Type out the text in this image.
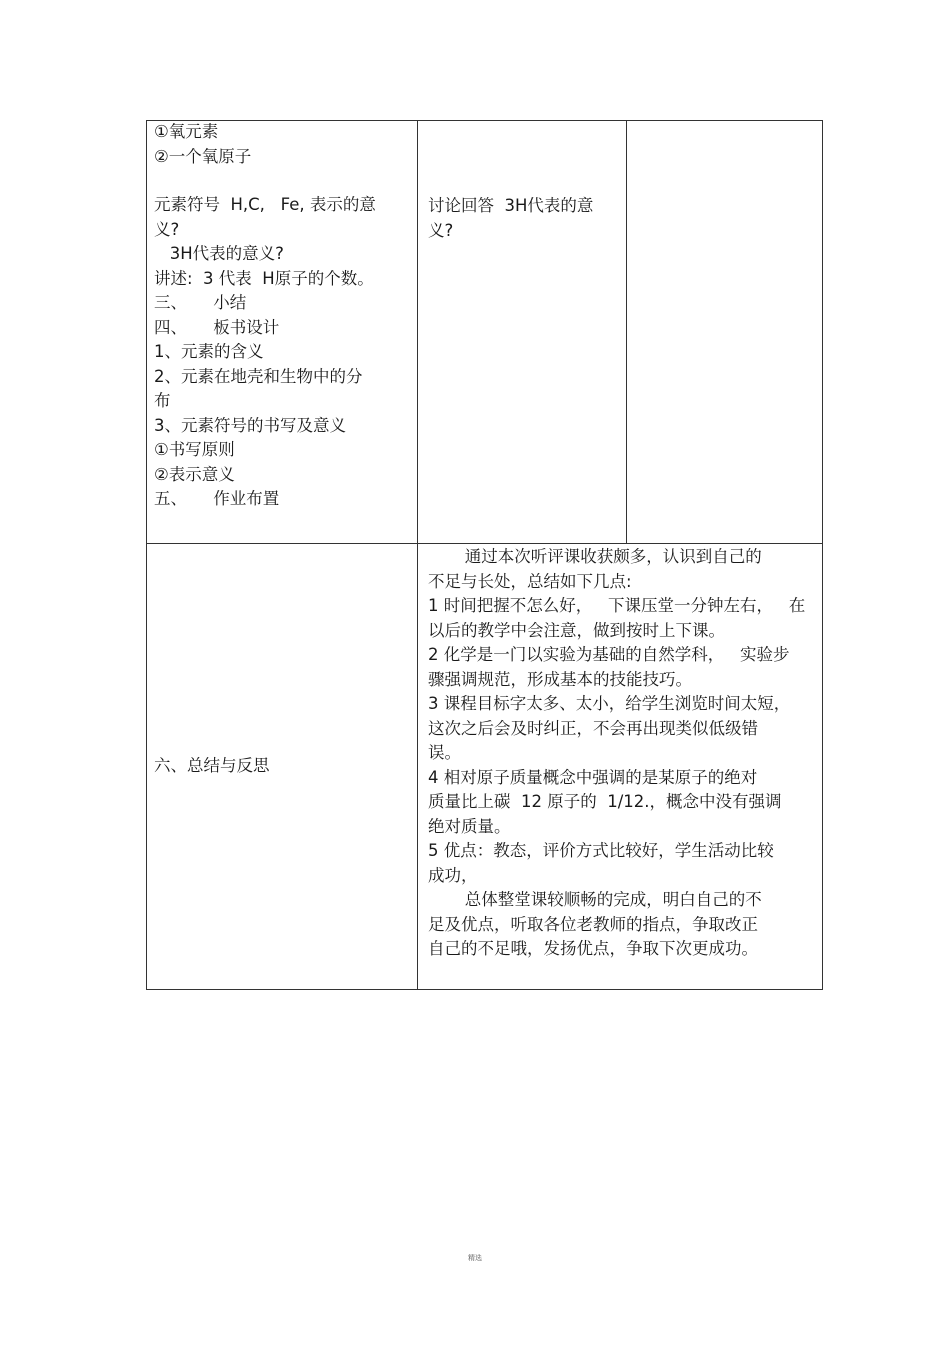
①氧元素

②一个氧原子

元素符号  H,C,   Fe, 表示的意

义?

3H代表的意义?

讲述:  3 代表  H原子的个数。

三、     小结

四、     板书设计

1、元素的含义

2、元素在地壳和生物中的分

布

3、元素符号的书写及意义

①书写原则

②表示意义

五、     作业布置

讨论回答  3H代表的意

义?

六、总结与反思

通过本次听评课收获颇多，认识到自己的

不足与长处，总结如下几点:

1 时间把握不怎么好，   下课压堂一分钟左右，   在

以后的教学中会注意，做到按时上下课。

2 化学是一门以实验为基础的自然学科，   实验步

骤强调规范，形成基本的技能技巧。

3 课程目标字太多、太小，给学生浏览时间太短，

这次之后会及时纠正，不会再出现类似低级错

误。

4 相对原子质量概念中强调的是某原子的绝对

质量比上碳  12 原子的  1/12.，概念中没有强调

绝对质量。

5 优点：教态，评价方式比较好，学生活动比较

成功，

总体整堂课较顺畅的完成，明白自己的不

足及优点，听取各位老教师的指点，争取改正

自己的不足哦，发扬优点，争取下次更成功。

精选
